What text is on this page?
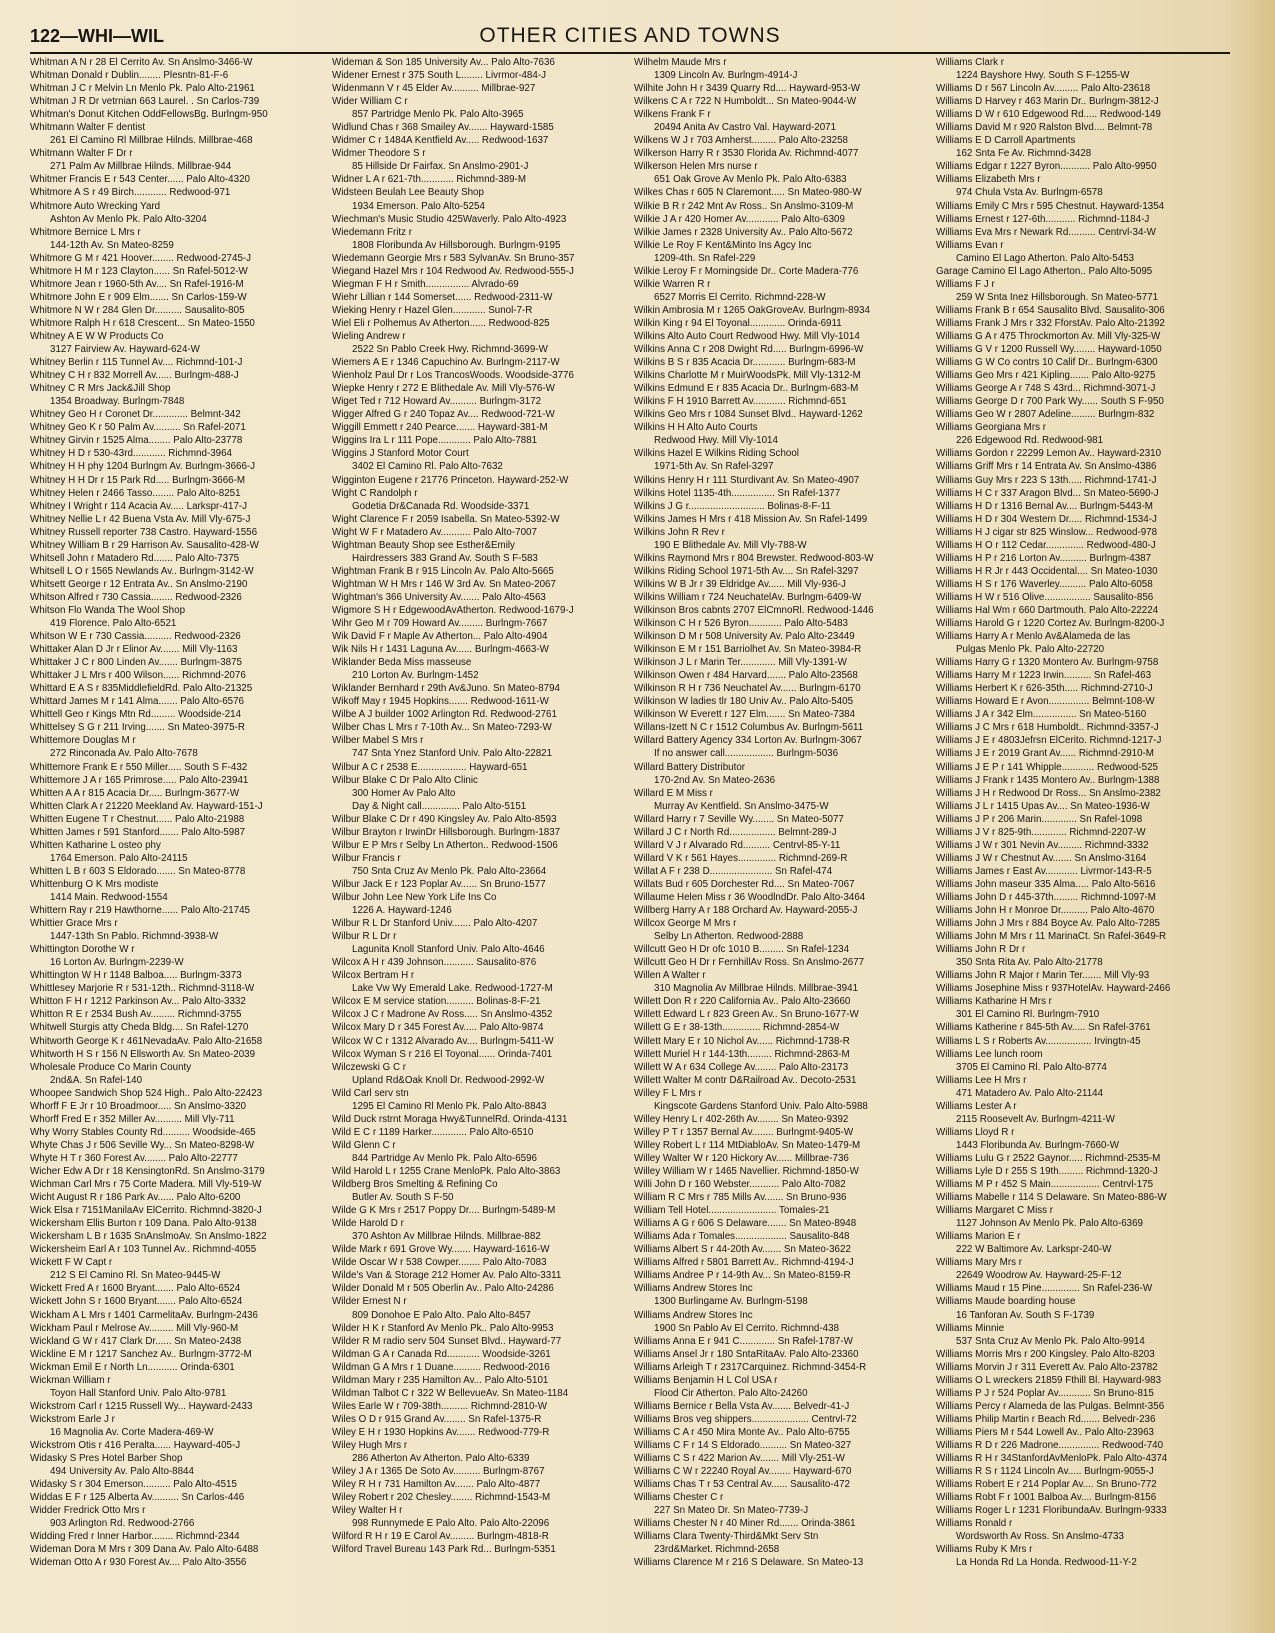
122—WHI—WIL	OTHER CITIES AND TOWNS
Whitman A N r 28 El Cerrito Av. Sn Anslmo-3466-W
Whitman Donald r Dublin........ Plesntn-81-F-6
Whitman J C r Melvin Ln Menlo Pk. Palo Alto-21961
Whitman J R Dr vetrnian 663 Laurel. . Sn Carlos-739
Whitman's Donut Kitchen OddFellowsBg. Burlngm-950
Whitmann Walter F dentist
261 El Camino Rl Millbrae Hilnds. Millbrae-468
Whitmann Walter F Dr r
271 Palm Av Millbrae Hilnds. Millbrae-944
Whitmer Francis E r 543 Center...... Palo Alto-4320
Whitmore A S r 49 Birch............ Redwood-971
Whitmore Auto Wrecking Yard
Ashton Av Menlo Pk. Palo Alto-3204
Whitmore Bernice L Mrs r
144-12th Av. Sn Mateo-8259
Whitmore G M r 421 Hoover........ Redwood-2745-J
Whitmore H M r 123 Clayton...... Sn Rafel-5012-W
Whitmore Jean r 1960-5th Av.... Sn Rafel-1916-M
Whitmore John E r 909 Elm....... Sn Carlos-159-W
Whitmore N W r 284 Glen Dr.......... Sausalito-805
Whitmore Ralph H r 618 Crescent... Sn Mateo-1550
Whitney A E W W Products Co
3127 Fairview Av. Hayward-624-W
Whitney Berlin r 115 Tunnel Av.... Richmnd-101-J
Whitney C H r 832 Morrell Av...... Burlngm-488-J
Whitney C R Mrs Jack&Jill Shop
1354 Broadway. Burlngm-7848
Whitney Geo H r Coronet Dr............. Belmnt-342
Whitney Geo K r 50 Palm Av.......... Sn Rafel-2071
Whitney Girvin r 1525 Alma........ Palo Alto-23778
Whitney H D r 530-43rd............ Richmnd-3964
Whitney H H phy 1204 Burlngm Av. Burlngm-3666-J
Whitney H H Dr r 15 Park Rd..... Burlngm-3666-M
Whitney Helen r 2466 Tasso........ Palo Alto-8251
Whitney I Wright r 114 Acacia Av..... Larkspr-417-J
Whitney Nellie L r 42 Buena Vsta Av. Mill Vly-675-J
Whitney Russell reporter 738 Castro. Hayward-1556
Whitney William B r 29 Harrison Av. Sausalito-428-W
Whitsell John r Matadero Rd....... Palo Alto-7375
Whitsell L O r 1565 Newlands Av.. Burlngm-3142-W
Whitsett George r 12 Entrata Av.. Sn Anslmo-2190
Whitson Alfred r 730 Cassia........ Redwood-2326
Whitson Flo Wanda The Wool Shop
419 Florence. Palo Alto-6521
Whitson W E r 730 Cassia.......... Redwood-2326
Whittaker Alan D Jr r Elinor Av....... Mill Vly-1163
Whittaker J C r 800 Linden Av....... Burlngm-3875
Whittaker J L Mrs r 400 Wilson...... Richmnd-2076
Whittard E A S r 835MiddlefieldRd. Palo Alto-21325
Whittard James M r 141 Alma....... Palo Alto-6576
Whittell Geo r Kings Mtn Rd......... Woodside-214
Whittelsey S G r 211 Irving....... Sn Mateo-3975-R
Whittemore Douglas M r
272 Rinconada Av. Palo Alto-7678
Whittemore Frank E r 550 Miller..... South S F-432
Whittemore J A r 165 Primrose..... Palo Alto-23941
Whitten A A r 815 Acacia Dr..... Burlngm-3677-W
Whitten Clark A r 21220 Meekland Av. Hayward-151-J
Whitten Eugene T r Chestnut...... Palo Alto-21988
Whitten James r 591 Stanford....... Palo Alto-5987
Whitten Katharine L osteo phy
1764 Emerson. Palo Alto-24115
Whitten L B r 603 S Eldorado....... Sn Mateo-8778
Whittenburg O K Mrs modiste
1414 Main. Redwood-1554
Whittern Ray r 219 Hawthorne...... Palo Alto-21745
Whittier Grace Mrs r
1447-13th Sn Pablo. Richmnd-3938-W
Whittington Dorothe W r
16 Lorton Av. Burlngm-2239-W
Whittington W H r 1148 Balboa..... Burlngm-3373
Whittlesey Marjorie R r 531-12th.. Richmnd-3118-W
Whitton F H r 1212 Parkinson Av... Palo Alto-3332
Whitton R E r 2534 Bush Av......... Richmnd-3755
Whitwell Sturgis atty Cheda Bldg.... Sn Rafel-1270
Whitworth George K r 461NevadaAv. Palo Alto-21658
Whitworth H S r 156 N Ellsworth Av. Sn Mateo-2039
Wholesale Produce Co Marin County
2nd&A. Sn Rafel-140
Whoopee Sandwich Shop 524 High.. Palo Alto-22423
Whorff F E Jr r 10 Broadmoor..... Sn Anslmo-3320
Whorff Fred E r 352 Miller Av.......... Mill Vly-711
Why Worry Stables County Rd.......... Woodside-465
Whyte Chas J r 506 Seville Wy... Sn Mateo-8298-W
Whyte H T r 360 Forest Av........ Palo Alto-22777
Wicher Edw A Dr r 18 KensingtonRd. Sn Anslmo-3179
Wichman Carl Mrs r 75 Corte Madera. Mill Vly-519-W
Wicht August R r 186 Park Av...... Palo Alto-6200
Wick Elsa r 7151ManilaAv ElCerrito. Richmnd-3820-J
Wickersham Ellis Burton r 109 Dana. Palo Alto-9138
Wickersham L B r 1635 SnAnslmoAv. Sn Anslmo-1822
Wickersheim Earl A r 103 Tunnel Av.. Richmnd-4055
Wickett F W Capt r
212 S El Camino Rl. Sn Mateo-9445-W
Wickett Fred A r 1600 Bryant....... Palo Alto-6524
Wickett John S r 1600 Bryant....... Palo Alto-6524
Wickham A L Mrs r 1401 CarmelitaAv. Burlngm-2436
Wickham Paul r Melrose Av......... Mill Vly-960-M
Wickland G W r 417 Clark Dr...... Sn Mateo-2438
Wickline E M r 1217 Sanchez Av.. Burlngm-3772-M
Wickman Emil E r North Ln........... Orinda-6301
Wickman William r
Toyon Hall Stanford Univ. Palo Alto-9781
Wickstrom Carl r 1215 Russell Wy... Hayward-2433
Wickstrom Earle J r
16 Magnolia Av. Corte Madera-469-W
Wickstrom Otis r 416 Peralta...... Hayward-405-J
Widasky S Pres Hotel Barber Shop
494 University Av. Palo Alto-8844
Widasky S r 304 Emerson.......... Palo Alto-4515
Widdas E F r 125 Alberta Av.......... Sn Carlos-446
Widder Fredrick Otto Mrs r
903 Arlington Rd. Redwood-2766
Widding Fred r Inner Harbor........ Richmnd-2344
Wideman Dora M Mrs r 309 Dana Av. Palo Alto-6488
Wideman Otto A r 930 Forest Av.... Palo Alto-3556
Wideman & Son 185 University Av... Palo Alto-7636
Widener Ernest r 375 South L........ Livrmor-484-J
Widenmann V r 45 Elder Av.......... Millbrae-927
Wider William C r
857 Partridge Menlo Pk. Palo Alto-3965
Widlund Chas r 368 Smailey Av....... Hayward-1585
Widmer C r 1484A Kentfield Av..... Redwood-1637
Widmer Theodore S r
85 Hillside Dr Fairfax. Sn Anslmo-2901-J
Widner L A r 621-7th............ Richmnd-389-M
Widsteen Beulah Lee Beauty Shop
1934 Emerson. Palo Alto-5254
Wiechman's Music Studio 425Waverly. Palo Alto-4923
Wiedemann Fritz r
1808 Floribunda Av Hillsborough. Burlngm-9195
Wiedemann Georgie Mrs r 583 SylvanAv. Sn Bruno-357
Wiegand Hazel Mrs r 104 Redwood Av. Redwood-555-J
Wiegman F H r Smith................ Alvrado-69
Wiehr Lillian r 144 Somerset...... Redwood-2311-W
Wieking Henry r Hazel Glen............ Sunol-7-R
Wiel Eli r Polhemus Av Atherton...... Redwood-825
Wieling Andrew r
2522 Sn Pablo Creek Hwy. Richmnd-3699-W
Wiemers A E r 1346 Capuchino Av. Burlngm-2117-W
Wienholz Paul Dr r Los TrancosWoods. Woodside-3776
Wiepke Henry r 272 E Blithedale Av. Mill Vly-576-W
Wiget Ted r 712 Howard Av.......... Burlngm-3172
Wigger Alfred G r 240 Topaz Av.... Redwood-721-W
Wiggill Emmett r 240 Pearce....... Hayward-381-M
Wiggins Ira L r 111 Pope............ Palo Alto-7881
Wiggins J Stanford Motor Court
3402 El Camino Rl. Palo Alto-7632
Wigginton Eugene r 21776 Princeton. Hayward-252-W
Wight C Randolph r
Godetia Dr&Canada Rd. Woodside-3371
Wight Clarence F r 2059 Isabella. Sn Mateo-5392-W
Wight W F r Matadero Av........... Palo Alto-7007
Wightman Beauty Shop see Esther&Emily
Hairdressers 383 Grand Av. South S F-583
Wightman Frank B r 915 Lincoln Av. Palo Alto-5665
Wightman W H Mrs r 146 W 3rd Av. Sn Mateo-2067
Wightman's 366 University Av....... Palo Alto-4563
Wigmore S H r EdgewoodAvAtherton. Redwood-1679-J
Wihr Geo M r 709 Howard Av......... Burlngm-7667
Wik David F r Maple Av Atherton... Palo Alto-4904
Wik Nils H r 1431 Laguna Av...... Burlngm-4663-W
Wiklander Beda Miss masseuse
210 Lorton Av. Burlngm-1452
Wiklander Bernhard r 29th Av&Juno. Sn Mateo-8794
Wikoff May r 1945 Hopkins....... Redwood-1611-W
Wilbe A J builder 1002 Arlington Rd. Redwood-2761
Wilber Chas L Mrs r 7-10th Av... Sn Mateo-7293-W
Wilber Mabel S Mrs r
747 Snta Ynez Stanford Univ. Palo Alto-22821
Wilbur A C r 2538 E.................. Hayward-651
Wilbur Blake C Dr Palo Alto Clinic
300 Homer Av Palo Alto
Day & Night call.............. Palo Alto-5151
Wilbur Blake C Dr r 490 Kingsley Av. Palo Alto-8593
Wilbur Brayton r IrwinDr Hillsborough. Burlngm-1837
Wilbur E P Mrs r Selby Ln Atherton.. Redwood-1506
Wilbur Francis r
750 Snta Cruz Av Menlo Pk. Palo Alto-23664
Wilbur Jack E r 123 Poplar Av...... Sn Bruno-1577
Wilbur John Lee New York Life Ins Co
1226 A. Hayward-1246
Wilbur R L Dr Stanford Univ....... Palo Alto-4207
Wilbur R L Dr r
Lagunita Knoll Stanford Univ. Palo Alto-4646
Wilcox A H r 439 Johnson........... Sausalito-876
Wilcox Bertram H r
Lake Vw Wy Emerald Lake. Redwood-1727-M
Wilcox E M service station.......... Bolinas-8-F-21
Wilcox J C r Madrone Av Ross..... Sn Anslmo-4352
Wilcox Mary D r 345 Forest Av..... Palo Alto-9874
Wilcox W C r 1312 Alvarado Av.... Burlngm-5411-W
Wilcox Wyman S r 216 El Toyonal...... Orinda-7401
Wilczewski G C r
Upland Rd&Oak Knoll Dr. Redwood-2992-W
Wild Carl serv stn
1295 El Camino Rl Menlo Pk. Palo Alto-8843
Wild Duck rstrnt Moraga Hwy&TunnelRd. Orinda-4131
Wild E C r 1189 Harker............. Palo Alto-6510
Wild Glenn C r
844 Partridge Av Menlo Pk. Palo Alto-6596
Wild Harold L r 1255 Crane MenloPk. Palo Alto-3863
Wildberg Bros Smelting & Refining Co
Butler Av. South S F-50
Wilde G K Mrs r 2517 Poppy Dr.... Burlngm-5489-M
Wilde Harold D r
370 Ashton Av Millbrae Hilnds. Millbrae-882
Wilde Mark r 691 Grove Wy....... Hayward-1616-W
Wilde Oscar W r 538 Cowper........ Palo Alto-7083
Wilde's Van & Storage 212 Homer Av. Palo Alto-3311
Wilder Donald M r 505 Oberlin Av.. Palo Alto-24286
Wilder Ernest N r
809 Donohoe E Palo Alto. Palo Alto-8457
Wilder H K r Stanford Av Menlo Pk.. Palo Alto-9953
Wilder R M radio serv 504 Sunset Blvd.. Hayward-77
Wildman G A r Canada Rd............ Woodside-3261
Wildman G A Mrs r 1 Duane.......... Redwood-2016
Wildman Mary r 235 Hamilton Av... Palo Alto-5101
Wildman Talbot C r 322 W BellevueAv. Sn Mateo-1184
Wiles Earle W r 709-38th.......... Richmnd-2810-W
Wiles O D r 915 Grand Av........ Sn Rafel-1375-R
Wiley E H r 1930 Hopkins Av....... Redwood-779-R
Wiley Hugh Mrs r
286 Atherton Av Atherton. Palo Alto-6339
Wiley J A r 1365 De Soto Av.......... Burlngm-8767
Wiley R H r 731 Hamilton Av....... Palo Alto-4877
Wiley Robert r 202 Chesley........ Richmnd-1543-M
Wiley Walter H r
998 Runnymede E Palo Alto. Palo Alto-22096
Wilford R H r 19 E Carol Av......... Burlngm-4818-R
Wilford Travel Bureau 143 Park Rd... Burlngm-5351
Wilhelm Maude Mrs r
1309 Lincoln Av. Burlngm-4914-J
Wilhite John H r 3439 Quarry Rd.... Hayward-953-W
Wilkens C A r 722 N Humboldt... Sn Mateo-9044-W
Wilkens Frank F r
20494 Anita Av Castro Val. Hayward-2071
Wilkens W J r 703 Amherst......... Palo Alto-23258
Wilkerson Harry R r 3530 Florida Av. Richmnd-4077
Wilkerson Helen Mrs nurse r
651 Oak Grove Av Menlo Pk. Palo Alto-6383
Wilkes Chas r 605 N Claremont..... Sn Mateo-980-W
Wilkie B R r 242 Mnt Av Ross.. Sn Anslmo-3109-M
Wilkie J A r 420 Homer Av............ Palo Alto-6309
Wilkie James r 2328 University Av.. Palo Alto-5672
Wilkie Le Roy F Kent&Minto Ins Agcy Inc
1209-4th. Sn Rafel-229
Wilkie Leroy F r Morningside Dr.. Corte Madera-776
Wilkie Warren R r
6527 Morris El Cerrito. Richmnd-228-W
Wilkin Ambrosia M r 1265 OakGroveAv. Burlngm-8934
Wilkin King r 94 El Toyonal............. Orinda-6911
Wilkins Alto Auto Court Redwood Hwy. Mill Vly-1014
Wilkins Anna C r 208 Dwight Rd..... Burlngm-6996-W
Wilkins B S r 835 Acacia Dr............ Burlngm-683-M
Wilkins Charlotte M r MuirWoodsPk. Mill Vly-1312-M
Wilkins Edmund E r 835 Acacia Dr.. Burlngm-683-M
Wilkins F H 1910 Barrett Av............ Richmnd-651
Wilkins Geo Mrs r 1084 Sunset Blvd.. Hayward-1262
Wilkins H H Alto Auto Courts
Redwood Hwy. Mill Vly-1014
Wilkins Hazel E Wilkins Riding School
1971-5th Av. Sn Rafel-3297
Wilkins Henry H r 111 Sturdivant Av. Sn Mateo-4907
Wilkins Hotel 1135-4th................ Sn Rafel-1377
Wilkins J G r............................ Bolinas-8-F-11
Wilkins James H Mrs r 418 Mission Av. Sn Rafel-1499
Wilkins John R Rev r
190 E Blithedale Av. Mill Vly-788-W
Wilkins Raymond Mrs r 804 Brewster. Redwood-803-W
Wilkins Riding School 1971-5th Av.... Sn Rafel-3297
Wilkins W B Jr r 39 Eldridge Av...... Mill Vly-936-J
Wilkins William r 724 NeuchatelAv. Burlngm-6409-W
Wilkinson Bros cabnts 2707 ElCmnoRl. Redwood-1446
Wilkinson C H r 526 Byron............ Palo Alto-5483
Wilkinson D M r 508 University Av. Palo Alto-23449
Wilkinson E M r 151 Barriolhet Av. Sn Mateo-3984-R
Wilkinson J L r Marin Ter............. Mill Vly-1391-W
Wilkinson Owen r 484 Harvard....... Palo Alto-23568
Wilkinson R H r 736 Neuchatel Av...... Burlngm-6170
Wilkinson W ladies tlr 180 Univ Av.. Palo Alto-5405
Wilkinson W Everett r 127 Elm....... Sn Mateo-7384
Willans-Izett N C r 1512 Columbus Av. Burlngm-5611
Willard Battery Agency 334 Lorton Av. Burlngm-3067
If no answer call.................. Burlngm-5036
Willard Battery Distributor
170-2nd Av. Sn Mateo-2636
Willard E M Miss r
Murray Av Kentfield. Sn Anslmo-3475-W
Willard Harry r 7 Seville Wy........ Sn Mateo-5077
Willard J C r North Rd................. Belmnt-289-J
Willard V J r Alvarado Rd.......... Centrvl-85-Y-11
Willard V K r 561 Hayes.............. Richmnd-269-R
Willat A F r 238 D....................... Sn Rafel-474
Willats Bud r 605 Dorchester Rd.... Sn Mateo-7067
Willaume Helen Miss r 36 WoodlndDr. Palo Alto-3464
Willberg Harry A r 188 Orchard Av. Hayward-2055-J
Willcox George M Mrs r
Selby Ln Atherton. Redwood-2888
Willcutt Geo H Dr ofc 1010 B......... Sn Rafel-1234
Willcutt Geo H Dr r FernhillAv Ross. Sn Anslmo-2677
Willen A Walter r
310 Magnolia Av Millbrae Hilnds. Millbrae-3941
Willett Don R r 220 California Av.. Palo Alto-23660
Willett Edward L r 823 Green Av.. Sn Bruno-1677-W
Willett G E r 38-13th.............. Richmnd-2854-W
Willett Mary E r 10 Nichol Av...... Richmnd-1738-R
Willett Muriel H r 144-13th......... Richmnd-2863-M
Willett W A r 634 College Av........ Palo Alto-23173
Willett Walter M contr D&Railroad Av.. Decoto-2531
Willey F L Mrs r
Kingscote Gardens Stanford Univ. Palo Alto-5988
Willey Henry L r 402-26th Av........ Sn Mateo-9392
Willey P T r 1357 Bernal Av........ Burlngmt-9405-W
Willey Robert L r 114 MtDiabloAv. Sn Mateo-1479-M
Willey Walter W r 120 Hickory Av...... Millbrae-736
Willey William W r 1465 Navellier. Richmnd-1850-W
Willi John D r 160 Webster........... Palo Alto-7082
William R C Mrs r 785 Mills Av....... Sn Bruno-936
William Tell Hotel......................... Tomales-21
Williams A G r 606 S Delaware....... Sn Mateo-8948
Williams Ada r Tomales................... Sausalito-848
Williams Albert S r 44-20th Av....... Sn Mateo-3622
Williams Alfred r 5801 Barrett Av.. Richmnd-4194-J
Williams Andree P r 14-9th Av... Sn Mateo-8159-R
Williams Andrew Stores Inc
1300 Burlingame Av. Burlngm-5198
Williams Andrew Stores Inc
1900 Sn Pablo Av El Cerrito. Richmnd-438
Williams Anna E r 941 C............. Sn Rafel-1787-W
Williams Ansel Jr r 180 SntaRitaAv. Palo Alto-23360
Williams Arleigh T r 2317Carquinez. Richmnd-3454-R
Williams Benjamin H L Col USA r
Flood Cir Atherton. Palo Alto-24260
Williams Bernice r Bella Vsta Av....... Belvedr-41-J
Williams Bros veg shippers..................... Centrvl-72
Williams C A r 450 Mira Monte Av.. Palo Alto-6755
Williams C F r 14 S Eldorado.......... Sn Mateo-327
Williams C S r 422 Marion Av....... Mill Vly-251-W
Williams C W r 22240 Royal Av........ Hayward-670
Williams Chas T r 53 Central Av...... Sausalito-472
Williams Chester C r
227 Sn Mateo Dr. Sn Mateo-7739-J
Williams Chester N r 40 Miner Rd....... Orinda-3861
Williams Clara Twenty-Third&Mkt Serv Stn
23rd&Market. Richmnd-2658
Williams Clarence M r 216 S Delaware. Sn Mateo-13
Williams Clark r
1224 Bayshore Hwy. South S F-1255-W
Williams D r 567 Lincoln Av......... Palo Alto-23618
Williams D Harvey r 463 Marin Dr.. Burlngm-3812-J
Williams D W r 610 Edgewood Rd..... Redwood-149
Williams David M r 920 Ralston Blvd.... Belmnt-78
Williams E D Carroll Apartments
162 Snta Fe Av. Richmnd-3428
Williams Edgar r 1227 Byron........... Palo Alto-9950
Williams Elizabeth Mrs r
974 Chula Vsta Av. Burlngm-6578
Williams Emily C Mrs r 595 Chestnut. Hayward-1354
Williams Ernest r 127-6th........... Richmnd-1184-J
Williams Eva Mrs r Newark Rd.......... Centrvl-34-W
Williams Evan r
Camino El Lago Atherton. Palo Alto-5453
Garage Camino El Lago Atherton.. Palo Alto-5095
Williams F J r
259 W Snta Inez Hillsborough. Sn Mateo-5771
Williams Frank B r 654 Sausalito Blvd. Sausalito-306
Williams Frank J Mrs r 332 FforstAv. Palo Alto-21392
Williams G A r 475 Throckmorton Av. Mill Vly-325-W
Williams G V r 1200 Russell Wy........ Hayward-1050
Williams G W Co contrs 10 Calif Dr.. Burlngm-6300
Williams Geo Mrs r 421 Kipling....... Palo Alto-9275
Williams George A r 748 S 43rd... Richmnd-3071-J
Williams George D r 700 Park Wy...... South S F-950
Williams Geo W r 2807 Adeline......... Burlngm-832
Williams Georgiana Mrs r
226 Edgewood Rd. Redwood-981
Williams Gordon r 22299 Lemon Av.. Hayward-2310
Williams Griff Mrs r 14 Entrata Av. Sn Anslmo-4386
Williams Guy Mrs r 223 S 13th..... Richmnd-1741-J
Williams H C r 337 Aragon Blvd... Sn Mateo-5690-J
Williams H D r 1316 Bernal Av.... Burlngm-5443-M
Williams H D r 304 Western Dr..... Richmnd-1534-J
Williams H J cigar str 825 Winslow... Redwood-978
Williams H O r 112 Cedar.............. Redwood-480-J
Williams H P r 216 Lorton Av.......... Burlngm-4387
Williams H R Jr r 443 Occidental.... Sn Mateo-1030
Williams H S r 176 Waverley.......... Palo Alto-6058
Williams H W r 516 Olive................. Sausalito-856
Williams Hal Wm r 660 Dartmouth. Palo Alto-22224
Williams Harold G r 1220 Cortez Av. Burlngm-8200-J
Williams Harry A r Menlo Av&Alameda de las
Pulgas Menlo Pk. Palo Alto-22720
Williams Harry G r 1320 Montero Av. Burlngm-9758
Williams Harry M r 1223 Irwin.......... Sn Rafel-463
Williams Herbert K r 626-35th..... Richmnd-2710-J
Williams Howard E r Avon............... Belmnt-108-W
Williams J A r 342 Elm................ Sn Mateo-5160
Williams J C Mrs r 618 Humboldt.. Richmnd-3357-J
Williams J E r 4803Jefrsn ElCerito. Richmnd-1217-J
Williams J E r 2019 Grant Av...... Richmnd-2910-M
Williams J E P r 141 Whipple............ Redwood-525
Williams J Frank r 1435 Montero Av.. Burlngm-1388
Williams J H r Redwood Dr Ross... Sn Anslmo-2382
Williams J L r 1415 Upas Av.... Sn Mateo-1936-W
Williams J P r 206 Marin............. Sn Rafel-1098
Williams J V r 825-9th............. Richmnd-2207-W
Williams J W r 301 Nevin Av......... Richmnd-3332
Williams J W r Chestnut Av....... Sn Anslmo-3164
Williams James r East Av............ Livrmor-143-R-5
Williams John maseur 335 Alma..... Palo Alto-5616
Williams John D r 445-37th......... Richmnd-1097-M
Williams John H r Monroe Dr.......... Palo Alto-4670
Williams John J Mrs r 884 Boyce Av. Palo Alto-7285
Williams John M Mrs r 11 MarinaCt. Sn Rafel-3649-R
Williams John R Dr r
350 Snta Rita Av. Palo Alto-21778
Williams John R Major r Marin Ter....... Mill Vly-93
Williams Josephine Miss r 937HotelAv. Hayward-2466
Williams Katharine H Mrs r
301 El Camino Rl. Burlngm-7910
Williams Katherine r 845-5th Av..... Sn Rafel-3761
Williams L S r Roberts Av................. Irvingtn-45
Williams Lee lunch room
3705 El Camino Rl. Palo Alto-8774
Williams Lee H Mrs r
471 Matadero Av. Palo Alto-21144
Williams Lester A r
2115 Roosevelt Av. Burlngm-4211-W
Williams Lloyd R r
1443 Floribunda Av. Burlngm-7660-W
Williams Lulu G r 2522 Gaynor..... Richmnd-2535-M
Williams Lyle D r 255 S 19th......... Richmnd-1320-J
Williams M P r 452 S Main.................. Centrvl-175
Williams Mabelle r 114 S Delaware. Sn Mateo-886-W
Williams Margaret C Miss r
1127 Johnson Av Menlo Pk. Palo Alto-6369
Williams Marion E r
222 W Baltimore Av. Larkspr-240-W
Williams Mary Mrs r
22649 Woodrow Av. Hayward-25-F-12
Williams Maud r 15 Pine.............. Sn Rafel-236-W
Williams Maude boarding house
16 Tanforan Av. South S F-1739
Williams Minnie
537 Snta Cruz Av Menlo Pk. Palo Alto-9914
Williams Morris Mrs r 200 Kingsley. Palo Alto-8203
Williams Morvin J r 311 Everett Av. Palo Alto-23782
Williams O L wreckers 21859 Fthill Bl. Hayward-983
Williams P J r 524 Poplar Av............ Sn Bruno-815
Williams Percy r Alameda de las Pulgas. Belmnt-356
Williams Philip Martin r Beach Rd....... Belvedr-236
Williams Piers M r 544 Lowell Av.. Palo Alto-23963
Williams R D r 226 Madrone............... Redwood-740
Williams R H r 34StanfordAvMenloPk. Palo Alto-4374
Williams R S r 1124 Lincoln Av..... Burlngm-9055-J
Williams Robert E r 214 Poplar Av.... Sn Bruno-772
Williams Robt F r 1001 Balboa Av.... Burlngm-8156
Williams Roger L r 1231 FloribundaAv. Burlngm-9333
Williams Ronald r
Wordsworth Av Ross. Sn Anslmo-4733
Williams Ruby K Mrs r
La Honda Rd La Honda. Redwood-11-Y-2
